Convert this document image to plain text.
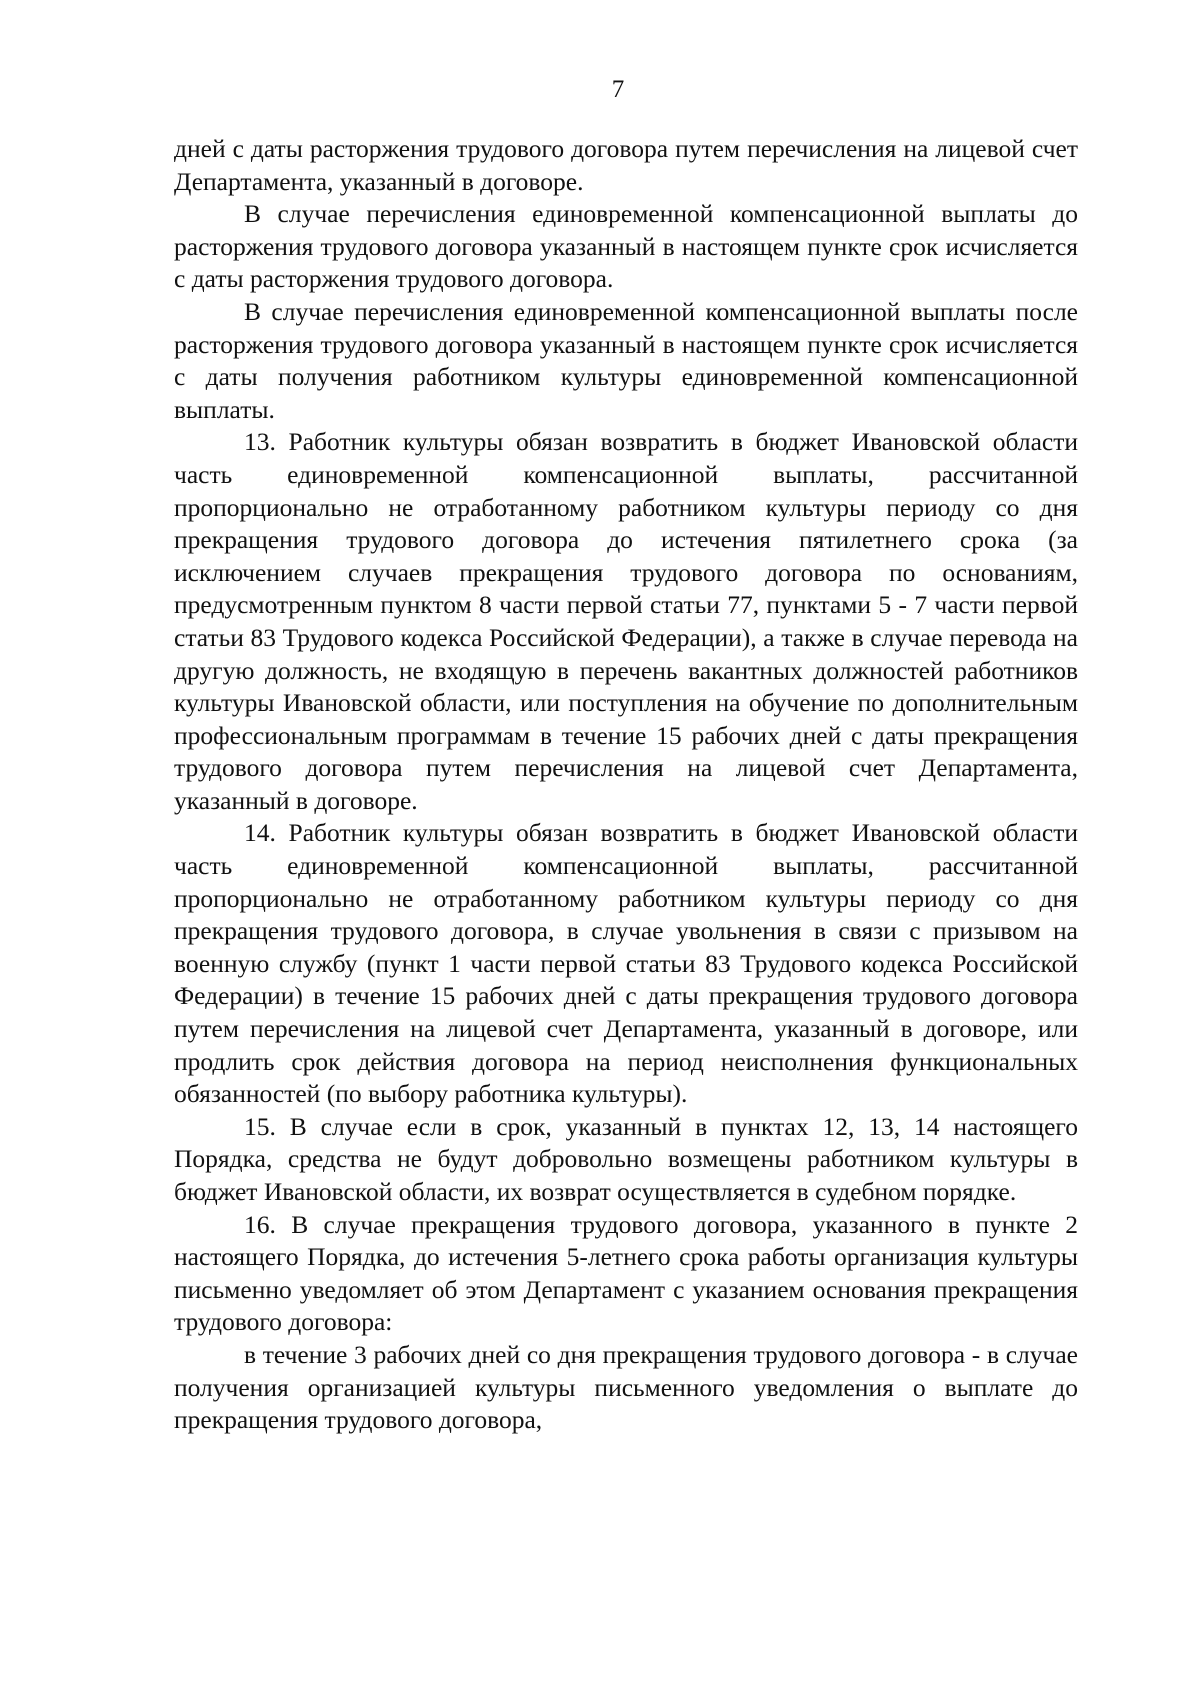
7

дней с даты расторжения трудового договора путем перечисления на лицевой счет Департамента, указанный в договоре.

В случае перечисления единовременной компенсационной выплаты до расторжения трудового договора указанный в настоящем пункте срок исчисляется с даты расторжения трудового договора.

В случае перечисления единовременной компенсационной выплаты после расторжения трудового договора указанный в настоящем пункте срок исчисляется с даты получения работником культуры единовременной компенсационной выплаты.

13. Работник культуры обязан возвратить в бюджет Ивановской области часть единовременной компенсационной выплаты, рассчитанной пропорционально не отработанному работником культуры периоду со дня прекращения трудового договора до истечения пятилетнего срока (за исключением случаев прекращения трудового договора по основаниям, предусмотренным пунктом 8 части первой статьи 77, пунктами 5 - 7 части первой статьи 83 Трудового кодекса Российской Федерации), а также в случае перевода на другую должность, не входящую в перечень вакантных должностей работников культуры Ивановской области, или поступления на обучение по дополнительным профессиональным программам в течение 15 рабочих дней с даты прекращения трудового договора путем перечисления на лицевой счет Департамента, указанный в договоре.

14. Работник культуры обязан возвратить в бюджет Ивановской области часть единовременной компенсационной выплаты, рассчитанной пропорционально не отработанному работником культуры периоду со дня прекращения трудового договора, в случае увольнения в связи с призывом на военную службу (пункт 1 части первой статьи 83 Трудового кодекса Российской Федерации) в течение 15 рабочих дней с даты прекращения трудового договора путем перечисления на лицевой счет Департамента, указанный в договоре, или продлить срок действия договора на период неисполнения функциональных обязанностей (по выбору работника культуры).

15. В случае если в срок, указанный в пунктах 12, 13, 14 настоящего Порядка, средства не будут добровольно возмещены работником культуры в бюджет Ивановской области, их возврат осуществляется в судебном порядке.

16. В случае прекращения трудового договора, указанного в пункте 2 настоящего Порядка, до истечения 5-летнего срока работы организация культуры письменно уведомляет об этом Департамент с указанием основания прекращения трудового договора:

в течение 3 рабочих дней со дня прекращения трудового договора - в случае получения организацией культуры письменного уведомления о выплате до прекращения трудового договора,
